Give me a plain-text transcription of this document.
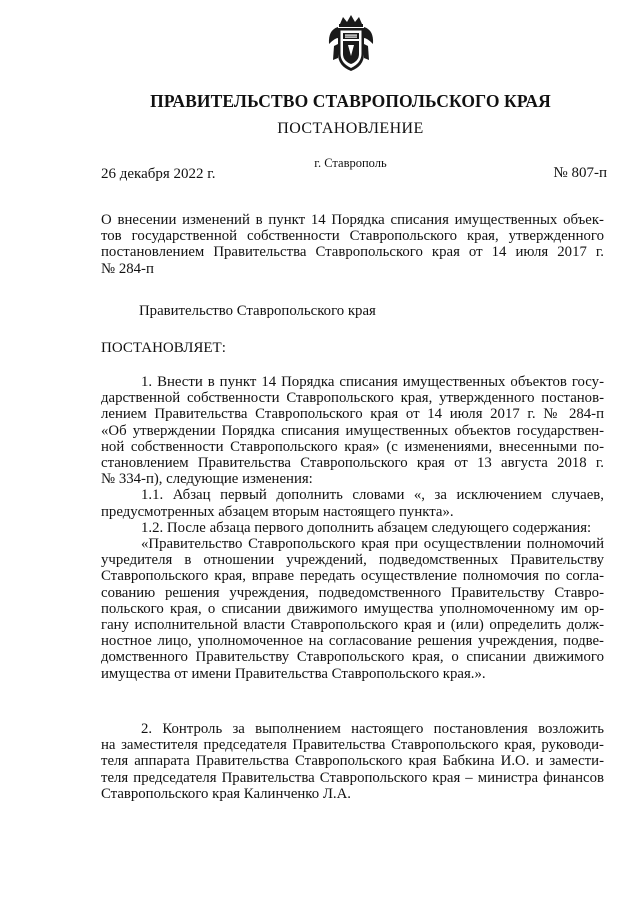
ПРАВИТЕЛЬСТВО СТАВРОПОЛЬСКОГО КРАЯ
ПОСТАНОВЛЕНИЕ
г. Ставрополь
26 декабря 2022 г.	№ 807-п
О внесении изменений в пункт 14 Порядка списания имущественных объек-
тов государственной собственности Ставропольского края, утвержденного
постановлением Правительства Ставропольского края от 14 июля 2017 г.
№ 284-п
Правительство Ставропольского края
ПОСТАНОВЛЯЕТ:
1. Внести в пункт 14 Порядка списания имущественных объектов госу-
дарственной собственности Ставропольского края, утвержденного постанов-
лением Правительства Ставропольского края от 14 июля 2017 г. № 284-п
«Об утверждении Порядка списания имущественных объектов государствен-
ной собственности Ставропольского края» (с изменениями, внесенными по-
становлением Правительства Ставропольского края от 13 августа 2018 г.
№ 334-п), следующие изменения:
1.1. Абзац первый дополнить словами «, за исключением случаев,
предусмотренных абзацем вторым настоящего пункта».
1.2. После абзаца первого дополнить абзацем следующего содержания:
«Правительство Ставропольского края при осуществлении полномочий
учредителя в отношении учреждений, подведомственных Правительству
Ставропольского края, вправе передать осуществление полномочия по согла-
сованию решения учреждения, подведомственного Правительству Ставро-
польского края, о списании движимого имущества уполномоченному им ор-
гану исполнительной власти Ставропольского края и (или) определить долж-
ностное лицо, уполномоченное на согласование решения учреждения, подве-
домственного Правительству Ставропольского края, о списании движимого
имущества от имени Правительства Ставропольского края.».
2. Контроль за выполнением настоящего постановления возложить
на заместителя председателя Правительства Ставропольского края, руководи-
теля аппарата Правительства Ставропольского края Бабкина И.О. и замести-
теля председателя Правительства Ставропольского края – министра финансов
Ставропольского края Калинченко Л.А.
